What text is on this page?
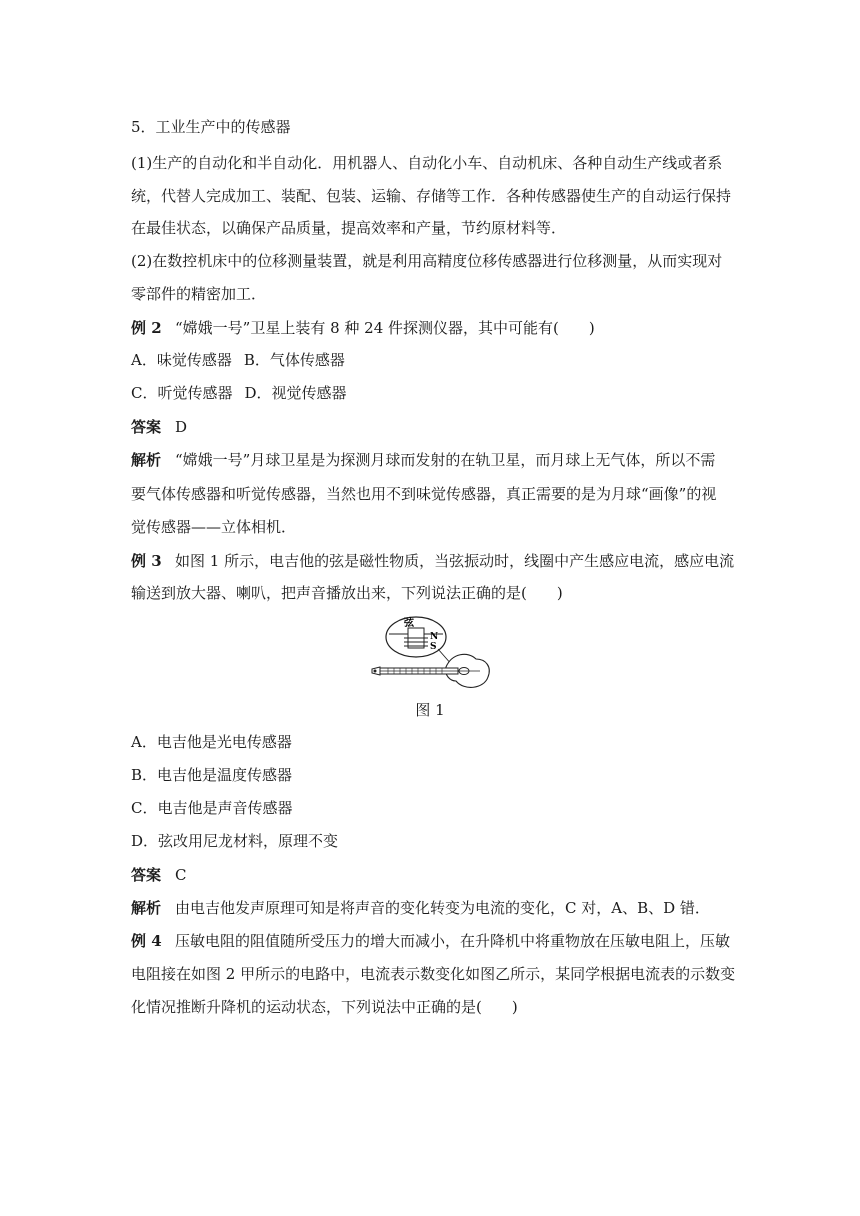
5．工业生产中的传感器
(1)生产的自动化和半自动化．用机器人、自动化小车、自动机床、各种自动生产线或者系
统，代替人完成加工、装配、包装、运输、存储等工作．各种传感器使生产的自动运行保持
在最佳状态，以确保产品质量，提高效率和产量，节约原材料等．
(2)在数控机床中的位移测量装置，就是利用高精度位移传感器进行位移测量，从而实现对
零部件的精密加工．
例 2 “嫦娥一号”卫星上装有 8 种 24 件探测仪器，其中可能有(　　)
A．味觉传感器 B．气体传感器
C．听觉传感器 D．视觉传感器
答案 D
解析 “嫦娥一号”月球卫星是为探测月球而发射的在轨卫星，而月球上无气体，所以不需
要气体传感器和听觉传感器，当然也用不到味觉传感器，真正需要的是为月球“画像”的视
觉传感器——立体相机．
例 3 如图 1 所示，电吉他的弦是磁性物质，当弦振动时，线圈中产生感应电流，感应电流
输送到放大器、喇叭，把声音播放出来，下列说法正确的是(　　)
弦
N
S
图 1
A．电吉他是光电传感器
B．电吉他是温度传感器
C．电吉他是声音传感器
D．弦改用尼龙材料，原理不变
答案 C
解析 由电吉他发声原理可知是将声音的变化转变为电流的变化，C 对，A、B、D 错．
例 4 压敏电阻的阻值随所受压力的增大而减小，在升降机中将重物放在压敏电阻上，压敏
电阻接在如图 2 甲所示的电路中，电流表示数变化如图乙所示，某同学根据电流表的示数变
化情况推断升降机的运动状态，下列说法中正确的是(　　)
